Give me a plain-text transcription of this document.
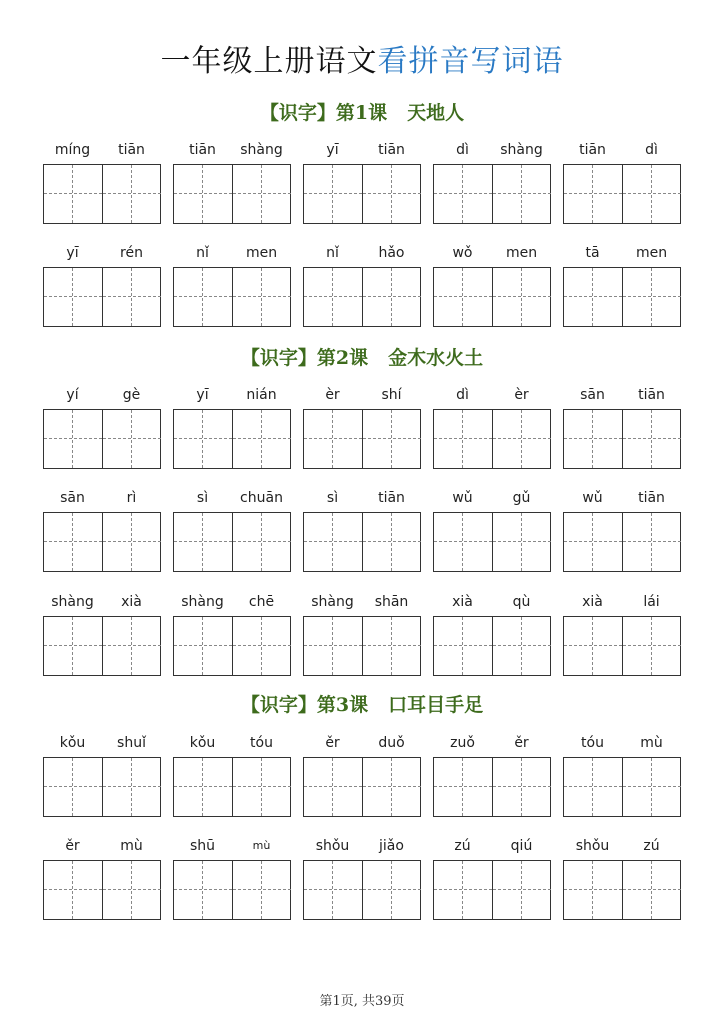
一年级上册语文看拼音写词语
【识字】第1课 天地人
míng	tiān	tiān	shàng	yī	tiān	dì	shàng	tiān	dì
yī	rén	nǐ	men	nǐ	hǎo	wǒ	men	tā	men
【识字】第2课 金木水火土
yí	gè	yī	nián	èr	shí	dì	èr	sān	tiān
sān	rì	sì	chuān	sì	tiān	wǔ	gǔ	wǔ	tiān
shàng	xià	shàng	chē	shàng	shān	xià	qù	xià	lái
【识字】第3课 口耳目手足
kǒu	shuǐ	kǒu	tóu	ěr	duǒ	zuǒ	ěr	tóu	mù
ěr	mù	shū	mù	shǒu	jiǎo	zú	qiú	shǒu	zú
第1页, 共39页
